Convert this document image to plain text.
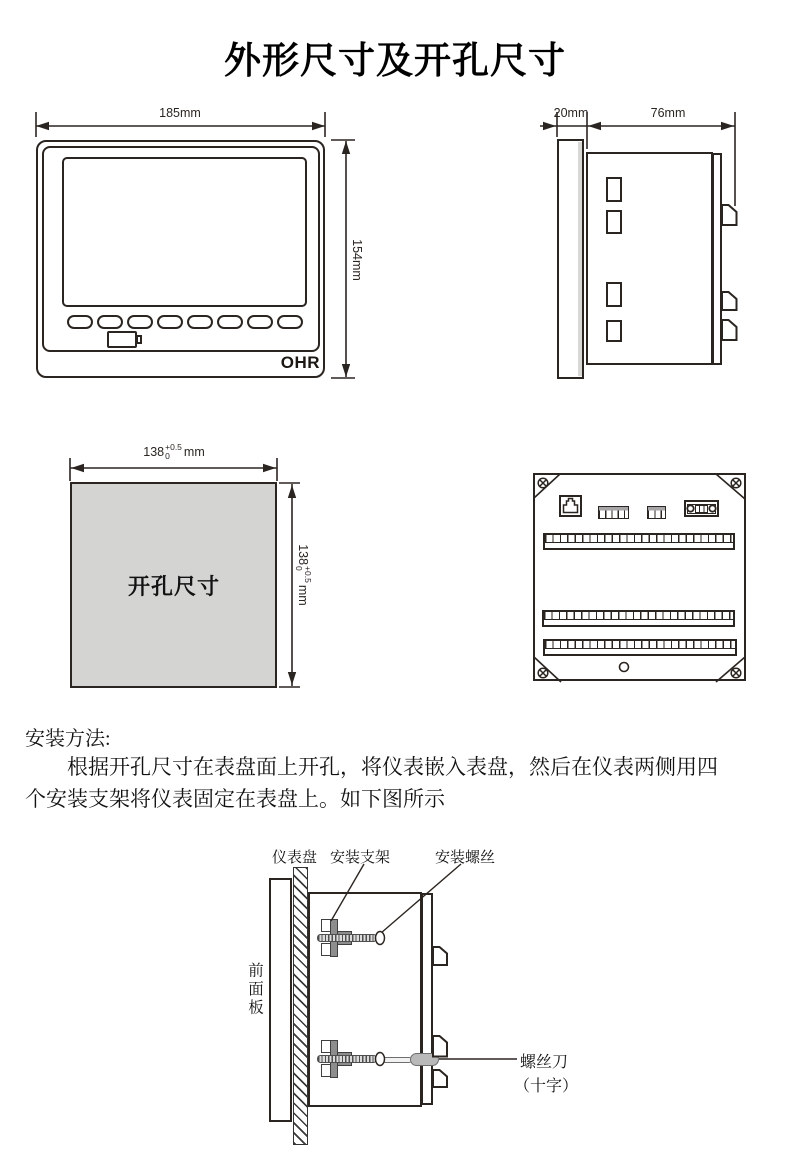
外形尺寸及开孔尺寸
185mm
154mm
OHR
20mm	76mm
138 +0.5
0	mm
138
+0.5
0
mm
开孔尺寸
安装方法:
根据开孔尺寸在表盘面上开孔，将仪表嵌入表盘，然后在仪表两侧用四
个安装支架将仪表固定在表盘上。如下图所示
仪表盘 安装支架	安装螺丝
前面板
螺丝刀
（十字）
